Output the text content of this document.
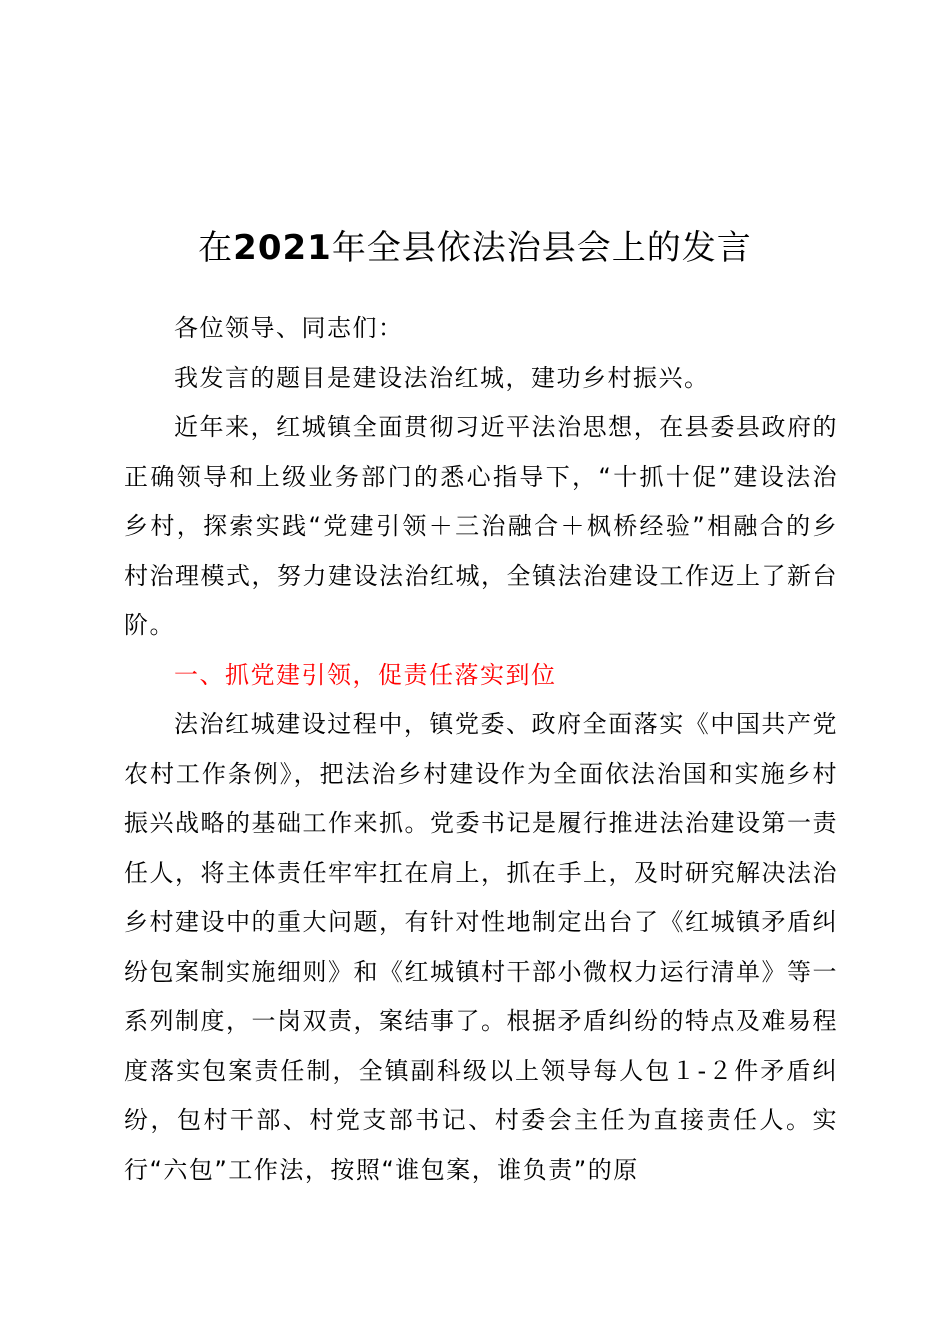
在2021年全县依法治县会上的发言

各位领导、同志们：

我发言的题目是建设法治红城，建功乡村振兴。

近年来，红城镇全面贯彻习近平法治思想，在县委县政府的正确领导和上级业务部门的悉心指导下，“十抓十促”建设法治乡村，探索实践“党建引领＋三治融合＋枫桥经验”相融合的乡村治理模式，努力建设法治红城，全镇法治建设工作迈上了新台阶。

一、抓党建引领，促责任落实到位

法治红城建设过程中，镇党委、政府全面落实《中国共产党农村工作条例》，把法治乡村建设作为全面依法治国和实施乡村振兴战略的基础工作来抓。党委书记是履行推进法治建设第一责任人，将主体责任牢牢扛在肩上，抓在手上，及时研究解决法治乡村建设中的重大问题，有针对性地制定出台了《红城镇矛盾纠纷包案制实施细则》和《红城镇村干部小微权力运行清单》等一系列制度，一岗双责，案结事了。根据矛盾纠纷的特点及难易程度落实包案责任制，全镇副科级以上领导每人包１-２件矛盾纠纷，包村干部、村党支部书记、村委会主任为直接责任人。实行“六包”工作法，按照“谁包案，谁负责”的原
